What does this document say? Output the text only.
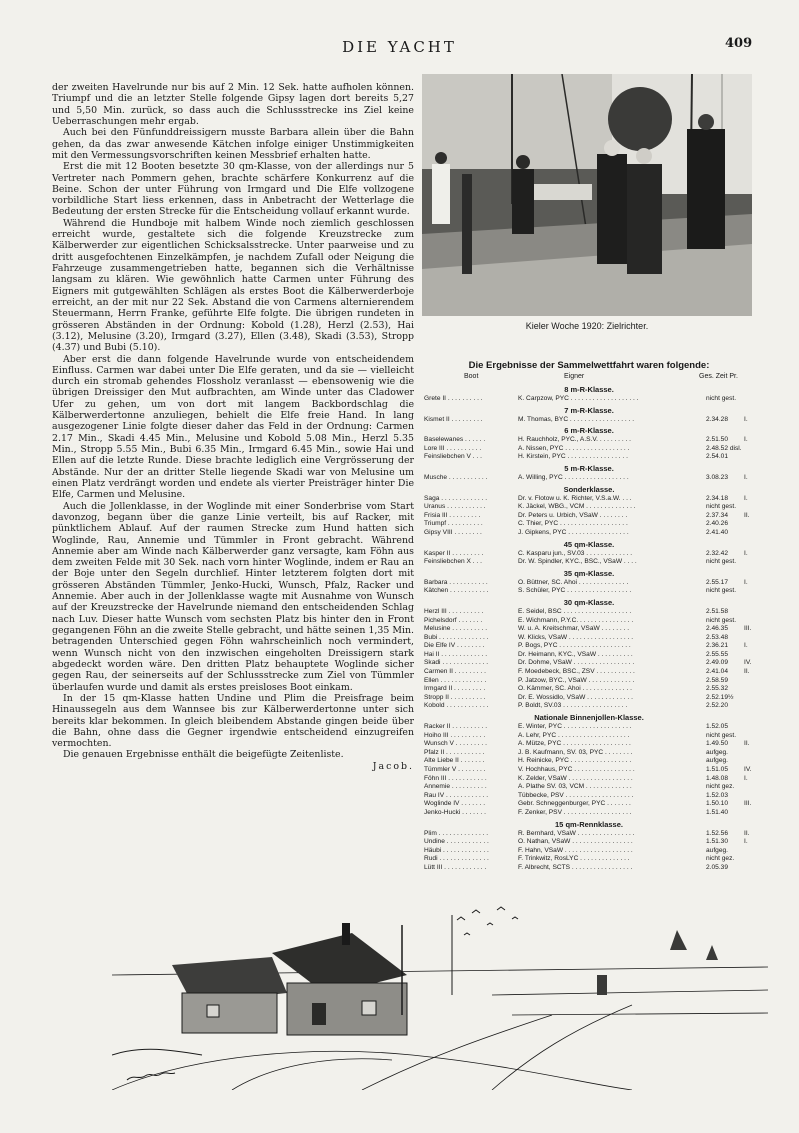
DIE YACHT	409

der zweiten Havelrunde nur bis auf 2 Min. 12 Sek. hatte aufholen können. Triumpf und die an letzter Stelle folgende Gipsy lagen dort bereits 5,27 und 5,50 Min. zurück, so dass auch die Schlussstrecke ins Ziel keine Ueberraschungen mehr ergab.

Auch bei den Fünfunddreissigern musste Barbara allein über die Bahn gehen, da das zwar anwesende Kätchen infolge einiger Unstimmigkeiten mit den Vermessungsvorschriften keinen Messbrief erhalten hatte.

Erst die mit 12 Booten besetzte 30 qm-Klasse, von der allerdings nur 5 Vertreter nach Pommern gehen, brachte schärfere Konkurrenz auf die Beine. Schon der unter Führung von Irmgard und Die Elfe vollzogene vorbildliche Start liess erkennen, dass in Anbetracht der Wetterlage die Bedeutung der ersten Strecke für die Entscheidung vollauf erkannt wurde.

Während die Hundboje mit halbem Winde noch ziemlich geschlossen erreicht wurde, gestaltete sich die folgende Kreuzstrecke zum Kälberwerder zur eigentlichen Schicksalsstrecke. Unter paarweise und zu dritt ausgefochtenen Einzelkämpfen, je nachdem Zufall oder Neigung die Fahrzeuge zusammengetrieben hatte, begannen sich die Verhältnisse langsam zu klären. Wie gewöhnlich hatte Carmen unter Führung des Eigners mit gutgewählten Schlägen als erstes Boot die Kälberwerderboje erreicht, an der mit nur 22 Sek. Abstand die von Carmens alternierendem Steuermann, Herrn Franke, geführte Elfe folgte. Die übrigen rundeten in grösseren Abständen in der Ordnung: Kobold (1.28), Herzl (2.53), Hai (3.12), Melusine (3.20), Irmgard (3.27), Ellen (3.48), Skadi (3.53), Stropp (4.37) und Bubi (5.10).

Aber erst die dann folgende Havelrunde wurde von entscheidendem Einfluss. Carmen war dabei unter Die Elfe geraten, und da sie — vielleicht durch ein stromab gehendes Flossholz veranlasst — ebensowenig wie die übrigen Dreissiger den Mut aufbrachten, am Winde unter das Cladower Ufer zu gehen, um von dort mit langem Backbordschlag die Kälberwerdertonne anzuliegen, behielt die Elfe freie Hand. In lang ausgezogener Linie folgte dieser daher das Feld in der Ordnung: Carmen 2.17 Min., Skadi 4.45 Min., Melusine und Kobold 5.08 Min., Herzl 5.35 Min., Stropp 5.55 Min., Bubi 6.35 Min., Irmgard 6.45 Min., sowie Hai und Ellen auf die letzte Runde. Diese brachte lediglich eine Vergrösserung der Abstände. Nur der an dritter Stelle liegende Skadi war von Melusine um einen Platz verdrängt worden und endete als vierter Preisträger hinter Die Elfe, Carmen und Melusine.

Auch die Jollenklasse, in der Woglinde mit einer Sonderbrise vom Start davonzog, begann über die ganze Linie verteilt, bis auf Racker, mit pünktlichem Ablauf. Auf der raumen Strecke zum Hund hatten sich Woglinde, Rau, Annemie und Tümmler in Front gebracht. Während Annemie aber am Winde nach Kälberwerder ganz versagte, kam Föhn aus dem zweiten Felde mit 30 Sek. nach vorn hinter Woglinde, indem er Rau an der Boje unter den Segeln durchlief. Hinter letzterem folgten dort mit grösseren Abständen Tümmler, Jenko-Hucki, Wunsch, Pfalz, Racker und Annemie. Aber auch in der Jollenklasse wagte mit Ausnahme von Wunsch auf der Kreuzstrecke der Havelrunde niemand den entscheidenden Schlag nach Luv. Dieser hatte Wunsch vom sechsten Platz bis hinter den in Front gegangenen Föhn an die zweite Stelle gebracht, und hätte seinen 1,35 Min. betragenden Unterschied gegen Föhn wahrscheinlich noch vermindert, wenn Wunsch nicht von den inzwischen eingeholten Dreissigern stark abgedeckt worden wäre. Den dritten Platz behauptete Woglinde sicher gegen Rau, der seinerseits auf der Schlussstrecke zum Ziel von Tümmler überlaufen wurde und damit als erstes preisloses Boot einkam.

In der 15 qm-Klasse hatten Undine und Plim die Preisfrage beim Hinaussegeln aus dem Wannsee bis zur Kälberwerdertonne unter sich bereits klar bekommen. In gleich bleibendem Abstande gingen beide über die Bahn, ohne dass die Gegner irgendwie entscheidend einzugreifen vermochten.

Die genauen Ergebnisse enthält die beigefügte Zeitenliste.

Jacob.

Kieler Woche 1920: Zielrichter.
Die Ergebnisse der Sammelwettfahrt waren folgende:
Boot	Eigner	Ges. Zeit Pr.
8 m-R-Klasse.
Grete II . . . . . . . . . .	K. Carpzow, PYC . . . . . . . . . . . . . . . . . . .	nicht gest.
7 m-R-Klasse.
Kismet II . . . . . . . . .	M. Thomas, BYC . . . . . . . . . . . . . . . . . .	2.34.28 I.
6 m-R-Klasse.
Baselewanes . . . . . .	H. Rauchholz, PYC., A.S.V. . . . . . . . . .	2.51.50 I.
Lore III . . . . . . . . . .	A. Nissen, PYC . . . . . . . . . . . . . . . . . .	2.48.52 disl.
Feinsliebchen V . . .	H. Kirstein, PYC . . . . . . . . . . . . . . . . .	2.54.01
5 m-R-Klasse.
Musche . . . . . . . . . . .	A. Willing, PYC . . . . . . . . . . . . . . . . . .	3.08.23 I.
Sonderklasse.
Saga . . . . . . . . . . . . .	Dr. v. Flotow u. K. Richter, V.S.a.W. . . .	2.34.18 I.
Uranus . . . . . . . . . . .	K. Jäckel, WBG., VCM . . . . . . . . . . . . . .	nicht gest.
Frisia III . . . . . . . . .	Dr. Peters u. Urbich, VSaW . . . . . . . .	2.37.34 II.
Triumpf . . . . . . . . . .	C. Thier, PYC . . . . . . . . . . . . . . . . . . .	2.40.26
Gipsy VIII . . . . . . . .	J. Gipkens, PYC . . . . . . . . . . . . . . . . .	2.41.40
45 qm-Klasse.
Kasper II . . . . . . . . .	C. Kasparu jun., SV.03 . . . . . . . . . . . . .	2.32.42 I.
Feinsliebchen X . . .	Dr. W. Spindler, KYC., BSC., VSaW . . . .	nicht gest.
35 qm-Klasse.
Barbara . . . . . . . . . . .	O. Büttner, SC. Ahoi . . . . . . . . . . . . . .	2.55.17 I.
Kätchen . . . . . . . . . . .	S. Schüler, PYC . . . . . . . . . . . . . . . . . .	nicht gest.
30 qm-Klasse.
Herzl III . . . . . . . . . .	E. Seidel, BSC . . . . . . . . . . . . . . . . . . .	2.51.58
Pichelsdorf . . . . . . .	E. Wichmann, P.Y.C. . . . . . . . . . . . . . . .	nicht gest.
Melusine . . . . . . . . . .	W. u. A. Kreitschmar, VSaW . . . . . . . .	2.46.35 III.
Bubi . . . . . . . . . . . . . .	W. Klicks, VSaW . . . . . . . . . . . . . . . . . .	2.53.48
Die Elfe IV . . . . . . . .	P. Bogs, PYC . . . . . . . . . . . . . . . . . . . .	2.36.21 I.
Hai II . . . . . . . . . . . . .	Dr. Heimann, KYC., VSaW . . . . . . . . . .	2.55.55
Skadi . . . . . . . . . . . . .	Dr. Dohme, VSaW . . . . . . . . . . . . . . . . .	2.49.09 IV.
Carmen II . . . . . . . . .	F. Moedebeck, BSC., ZSV . . . . . . . . . . .	2.41.04 II.
Ellen . . . . . . . . . . . . .	P. Jatzow, BYC., VSaW . . . . . . . . . . . . .	2.58.59
Irmgard II . . . . . . . . .	O. Kämmer, SC. Ahoi . . . . . . . . . . . . . .	2.55.32
Stropp II . . . . . . . . . .	Dr. E. Wossidlo, VSaW . . . . . . . . . . . . .	2.52.19½
Kobold . . . . . . . . . . . .	P. Boldt, SV.03 . . . . . . . . . . . . . . . . . .	2.52.20
Nationale Binnenjollen-Klasse.
Racker II . . . . . . . . . .	E. Winter, PYC . . . . . . . . . . . . . . . . . . .	1.52.05
Hoiho III . . . . . . . . . .	A. Lehr, PYC . . . . . . . . . . . . . . . . . . . .	nicht gest.
Wunsch V . . . . . . . . .	A. Mütze, PYC . . . . . . . . . . . . . . . . . . .	1.49.50 II.
Pfalz II . . . . . . . . . . .	J. B. Kaufmann, SV. 03, PYC . . . . . . . .	aufgeg.
Alte Liebe II . . . . . . .	H. Reinicke, PYC . . . . . . . . . . . . . . . . .	aufgeg.
Tümmler V . . . . . . . .	V. Hochhaus, PYC . . . . . . . . . . . . . . . . .	1.51.05 IV.
Föhn III . . . . . . . . . . .	K. Zelder, VSaW . . . . . . . . . . . . . . . . . .	1.48.08 I.
Annemie . . . . . . . . . .	A. Plathe SV. 03, VCM . . . . . . . . . . . . .	nicht gez.
Rau IV . . . . . . . . . . . .	Tübbecke, PSV . . . . . . . . . . . . . . . . . . .	1.52.03
Woglinde IV . . . . . . .	Gebr. Schneggenburger, PYC . . . . . . .	1.50.10 III.
Jenko-Hucki . . . . . . .	F. Zenker, PSV . . . . . . . . . . . . . . . . . . .	1.51.40
15 qm-Rennklasse.
Plim . . . . . . . . . . . . . .	R. Bernhard, VSaW . . . . . . . . . . . . . . . .	1.52.56 II.
Undine . . . . . . . . . . . .	O. Nathan, VSaW . . . . . . . . . . . . . . . . .	1.51.30 I.
Häubi . . . . . . . . . . . . .	F. Hahn, VSaW . . . . . . . . . . . . . . . . . . .	aufgeg.
Rudi . . . . . . . . . . . . . .	F. Trinkwitz, RosLYC . . . . . . . . . . . . . .	nicht gez.
Lütt III . . . . . . . . . . . .	F. Albrecht, SCTS . . . . . . . . . . . . . . . . .	2.05.39
